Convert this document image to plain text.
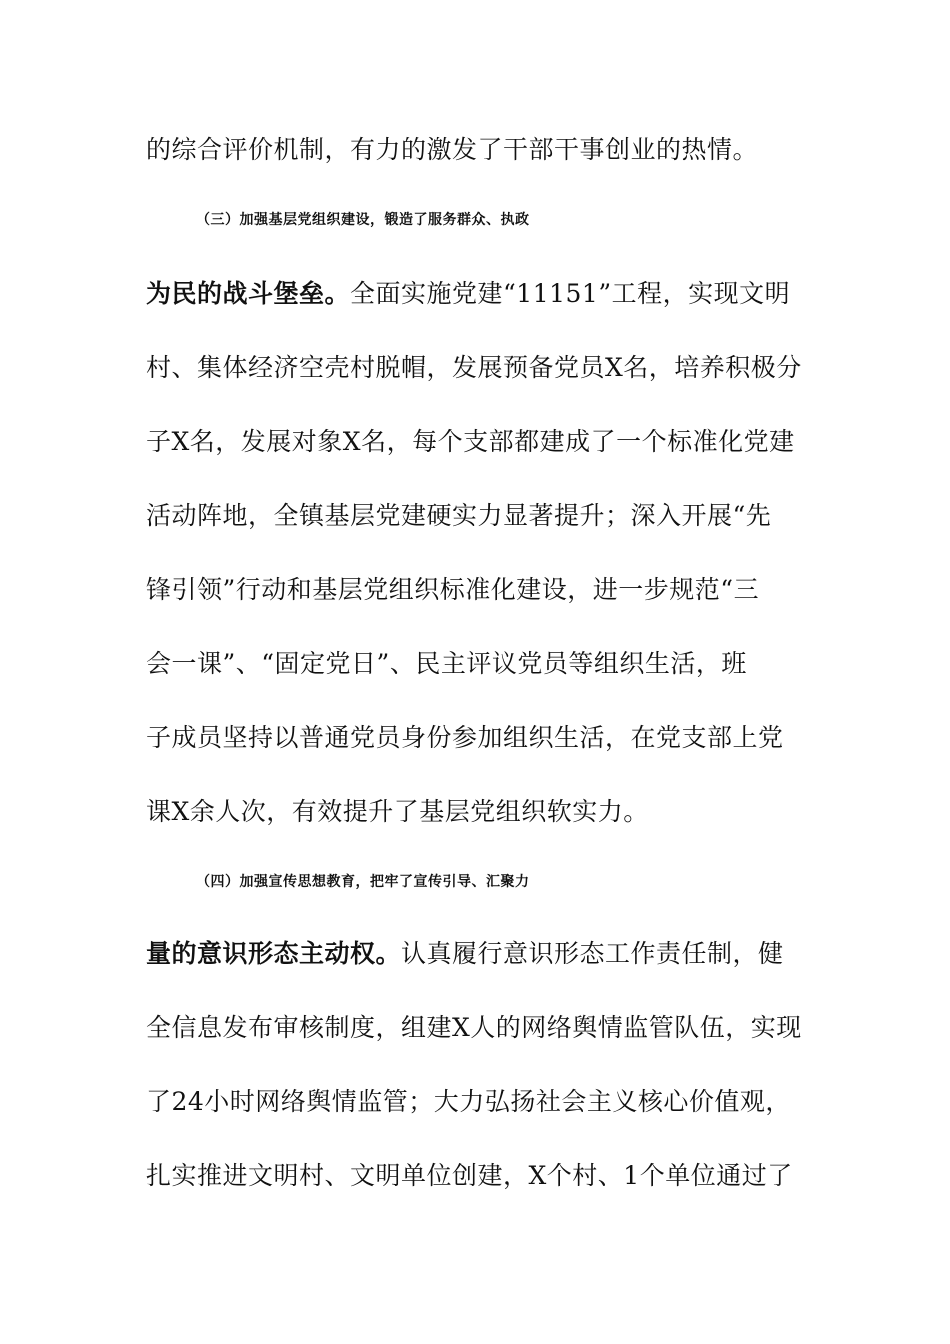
的综合评价机制，有力的激发了干部干事创业的热情。
（三）加强基层党组织建设，锻造了服务群众、执政
为民的战斗堡垒。全面实施党建“11151”工程，实现文明
村、集体经济空壳村脱帽，发展预备党员X名，培养积极分
子X名，发展对象X名，每个支部都建成了一个标准化党建
活动阵地，全镇基层党建硬实力显著提升；深入开展“先
锋引领”行动和基层党组织标准化建设，进一步规范“三
会一课”、“固定党日”、民主评议党员等组织生活，班
子成员坚持以普通党员身份参加组织生活，在党支部上党
课X余人次，有效提升了基层党组织软实力。
（四）加强宣传思想教育，把牢了宣传引导、汇聚力
量的意识形态主动权。认真履行意识形态工作责任制，健
全信息发布审核制度，组建X人的网络舆情监管队伍，实现
了24小时网络舆情监管；大力弘扬社会主义核心价值观，
扎实推进文明村、文明单位创建，X个村、1个单位通过了
